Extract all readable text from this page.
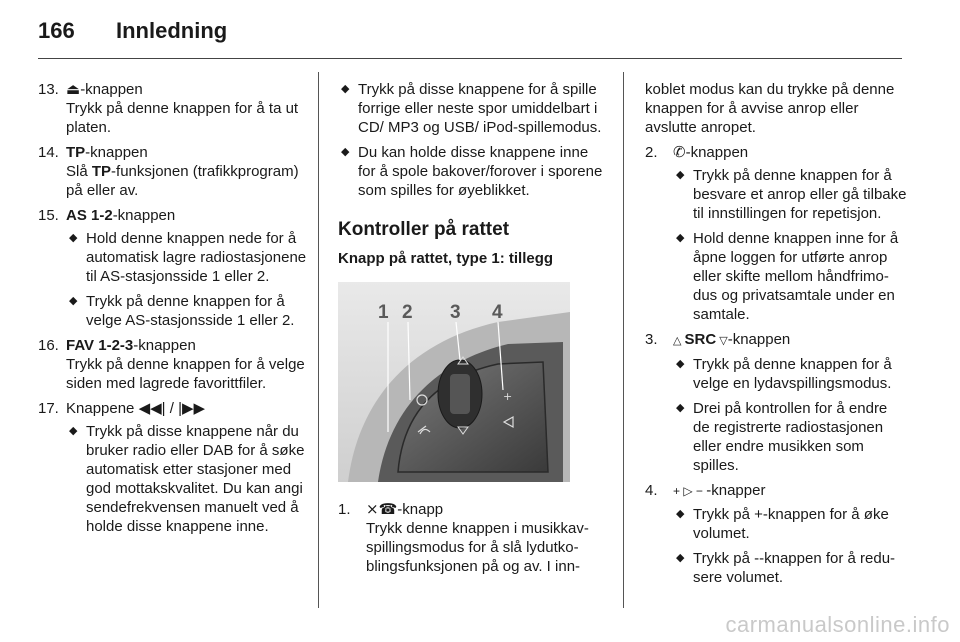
166 Innledning
13. ⏏-knappen

Trykk på denne knappen for å ta ut platen.

14. TP-knappen

Slå TP-funksjonen (trafikkprogram) på eller av.

15. AS 1-2-knappen

◆ Hold denne knappen nede for å automatisk lagre radiostasjonene til AS-stasjonsside 1 eller 2.
◆ Trykk på denne knappen for å velge AS-stasjonsside 1 eller 2.
16. FAV 1-2-3-knappen

Trykk på denne knappen for å velge siden med lagrede favorittfiler.

17. Knappene ◀◀| / |▶▶

◆ Trykk på disse knappene når du bruker radio eller DAB for å søke automatisk etter stasjoner med god mottakskvalitet. Du kan angi sendefrekvensen manuelt ved å holde disse knappene inne.
◆ Trykk på disse knappene for å spille forrige eller neste spor umiddelbart i CD/ MP3 og USB/ iPod-spillemodus.
◆ Du kan holde disse knappene inne for å spole bakover/forover i sporene som spilles for øyeblikket.
Kontroller på rattet
Knapp på rattet, type 1: tillegg
+
1 2 3 4
1. ⨯☎-knapp

Trykk denne knappen i musikkavspillingsmodus for å slå lydutkoblingsfunksjonen på og av. I inn-

koblet modus kan du trykke på denne knappen for å avvise anrop eller avslutte anropet.

2. ✆-knappen

◆ Trykk på denne knappen for å besvare et anrop eller gå tilbake til innstillingen for repetisjon.
◆ Hold denne knappen inne for å åpne loggen for utførte anrop eller skifte mellom håndfrimodus og privatsamtale under en samtale.
3. △ SRC ▽-knappen

◆ Trykk på denne knappen for å velge en lydavspillingsmodus.
◆ Drei på kontrollen for å endre de registrerte radiostasjonen eller endre musikken som spilles.
4. + ▷ − -knapper

◆ Trykk på +-knappen for å øke volumet.
◆ Trykk på --knappen for å redusere volumet.
carmanualsonline.info
